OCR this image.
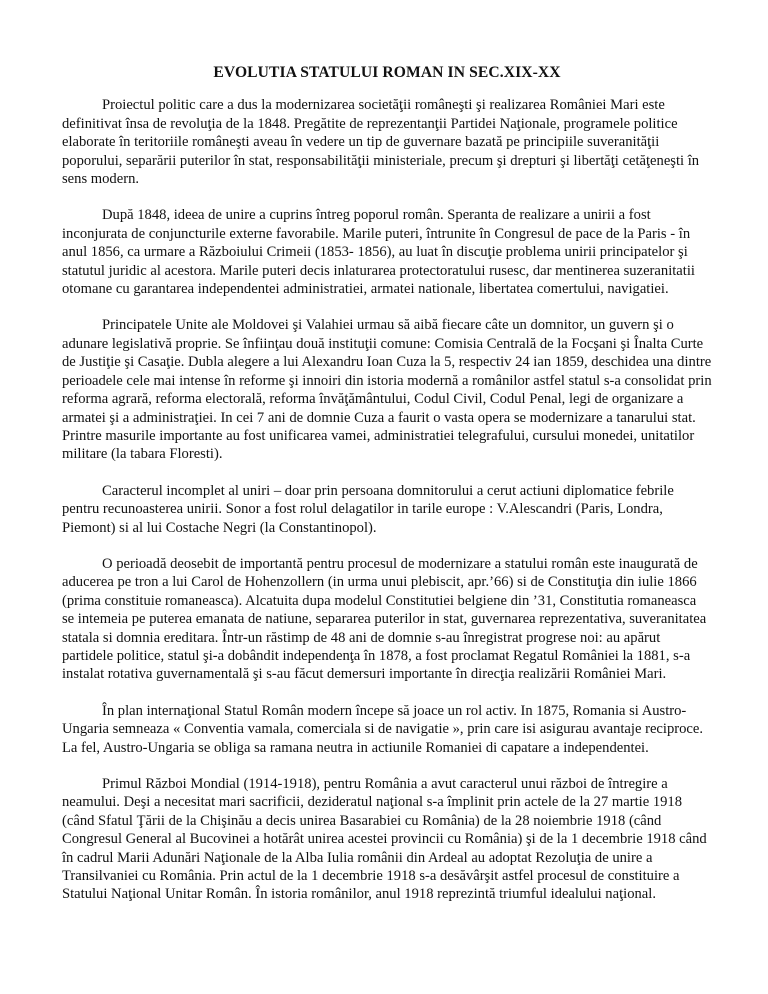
EVOLUTIA STATULUI ROMAN IN SEC.XIX-XX

Proiectul politic care a dus la modernizarea societăţii româneşti şi realizarea României Mari este definitivat însa de revoluţia de la 1848. Pregătite de reprezentanţii Partidei Naţionale, programele politice elaborate în teritoriile româneşti aveau în vedere un tip de guvernare bazată pe principiile suveranităţii poporului, separării puterilor în stat, responsabilităţii ministeriale, precum şi drepturi şi libertăţi cetăţeneşti în sens modern.

După 1848, ideea de unire a cuprins întreg poporul român. Speranta de realizare a unirii a fost inconjurata de conjuncturile externe favorabile. Marile puteri, întrunite în Congresul de pace de la Paris - în anul 1856, ca urmare a Războiului Crimeii (1853- 1856), au luat în discuţie problema unirii principatelor şi statutul juridic al acestora. Marile puteri decis inlaturarea protectoratului rusesc, dar mentinerea suzeranitatii otomane cu garantarea independentei administratiei, armatei nationale, libertatea comertului, navigatiei.

Principatele Unite ale Moldovei şi Valahiei urmau să aibă fiecare câte un domnitor, un guvern şi o adunare legislativă proprie. Se înfiinţau două instituţii comune: Comisia Centrală de la Focşani şi Înalta Curte de Justiţie şi Casaţie. Dubla alegere a lui Alexandru Ioan Cuza la 5, respectiv 24 ian 1859, deschidea una dintre perioadele cele mai intense în reforme şi innoiri din istoria modernă a românilor astfel statul s-a consolidat prin reforma agrară, reforma electorală, reforma învăţământului, Codul Civil, Codul Penal, legi de organizare a armatei şi a administraţiei. In cei 7 ani de domnie Cuza a faurit o vasta opera se modernizare a tanarului stat. Printre masurile importante au fost unificarea vamei, administratiei telegrafului, cursului monedei, unitatilor militare (la tabara Floresti).

Caracterul incomplet al uniri – doar prin persoana domnitorului a cerut actiuni diplomatice febrile pentru recunoasterea unirii. Sonor a fost rolul delagatilor in tarile europe : V.Alescandri (Paris, Londra, Piemont) si al lui Costache Negri (la Constantinopol).

O perioadă deosebit de importantă pentru procesul de modernizare a statului român este inaugurată de aducerea pe tron a lui Carol de Hohenzollern (in urma unui plebiscit, apr.’66) si de Constituţia din iulie 1866 (prima constituie romaneasca). Alcatuita dupa modelul Constitutiei belgiene din ’31, Constitutia romaneasca se intemeia pe puterea emanata de natiune, separarea puterilor in stat, guvernarea reprezentativa, suveranitatea statala si domnia ereditara. Într-un răstimp de 48 ani de domnie s-au înregistrat progrese noi: au apărut partidele politice, statul şi-a dobândit independenţa în 1878, a fost proclamat Regatul României la 1881, s-a instalat rotativa guvernamentală şi s-au făcut demersuri importante în direcţia realizării României Mari.

În plan internaţional Statul Român modern începe să joace un rol activ. In 1875, Romania si Austro-Ungaria semneaza « Conventia vamala, comerciala si de navigatie », prin care isi asigurau avantaje reciproce. La fel, Austro-Ungaria se obliga sa ramana neutra in actiunile Romaniei di capatare a independentei.

Primul Război Mondial (1914-1918), pentru România a avut caracterul unui război de întregire a neamului. Deşi a necesitat mari sacrificii, dezideratul naţional s-a împlinit prin actele de la 27 martie 1918 (când Sfatul Ţării de la Chişinău a decis unirea Basarabiei cu România) de la 28 noiembrie 1918 (când Congresul General al Bucovinei a hotărât unirea acestei provincii cu România) şi de la 1 decembrie 1918 când în cadrul Marii Adunări Naţionale de la Alba Iulia românii din Ardeal au adoptat Rezoluţia de unire a Transilvaniei cu România. Prin actul de la 1 decembrie 1918 s-a desăvârşit astfel procesul de constituire a Statului Naţional Unitar Român. În istoria românilor, anul 1918 reprezintă triumful idealului naţional.
